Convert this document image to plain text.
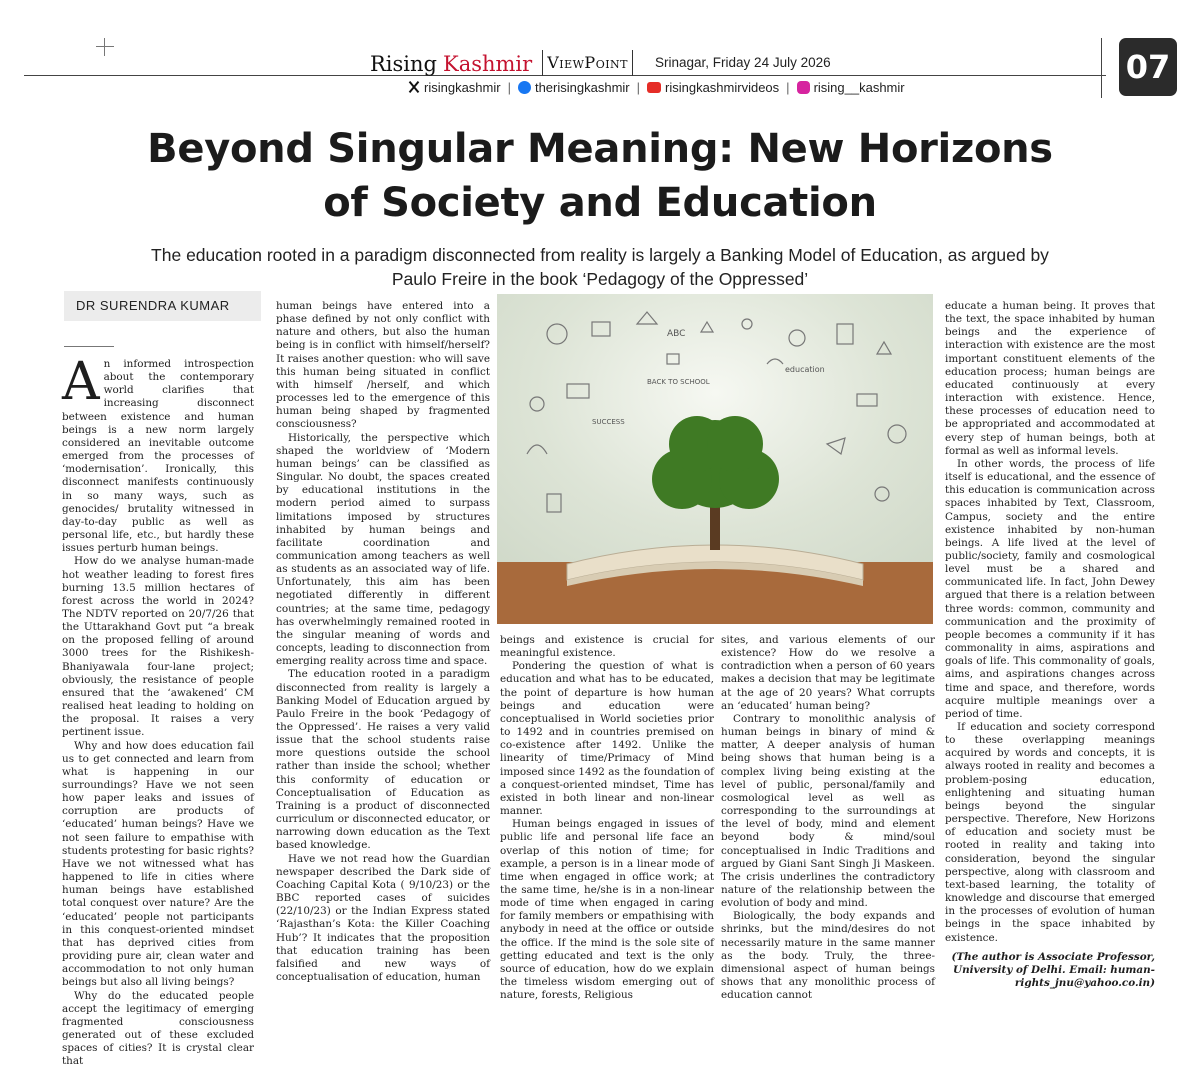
Rising Kashmir ViewPoint	Srinagar, Friday 24 July 2026
risingkashmir | therisingkashmir | risingkashmirvideos | rising__kashmir
07
Beyond Singular Meaning: New Horizons
of Society and Education

The education rooted in a paradigm disconnected from reality is largely a Banking Model of Education, as argued by Paulo Freire in the book ‘Pedagogy of the Oppressed’

DR SURENDRA KUMAR

An informed introspection about the contemporary world clarifies that increasing disconnect between existence and human beings is a new norm largely considered an inevitable outcome emerged from the processes of ‘modernisation’. Ironically, this disconnect manifests continuously in so many ways, such as genocides/ brutality witnessed in day-to-day public as well as personal life, etc., but hardly these issues perturb human beings.

How do we analyse human-made hot weather leading to forest fires burning 13.5 million hectares of forest across the world in 2024? The NDTV reported on 20/7/26 that the Uttarakhand Govt put “a break on the proposed felling of around 3000 trees for the Rishikesh- Bhaniyawala four-lane project; obviously, the resistance of people ensured that the ‘awakened’ CM realised heat leading to holding on the proposal. It raises a very pertinent issue.

Why and how does education fail us to get connected and learn from what is happening in our surroundings? Have we not seen how paper leaks and issues of corruption are products of ‘educated’ human beings? Have we not seen failure to empathise with students protesting for basic rights? Have we not witnessed what has happened to life in cities where human beings have established total conquest over nature? Are the ‘educated’ people not participants in this conquest-oriented mindset that has deprived cities from providing pure air, clean water and accommodation to not only human beings but also all living beings?

Why do the educated people accept the legitimacy of emerging fragmented consciousness generated out of these excluded spaces of cities? It is crystal clear that

human beings have entered into a phase defined by not only conflict with nature and others, but also the human being is in conflict with himself/herself? It raises another question: who will save this human being situated in conflict with himself /herself, and which processes led to the emergence of this human being shaped by fragmented consciousness?

Historically, the perspective which shaped the worldview of ‘Modern human beings’ can be classified as Singular. No doubt, the spaces created by educational institutions in the modern period aimed to surpass limitations imposed by structures inhabited by human beings and facilitate coordination and communication among teachers as well as students as an associated way of life. Unfortunately, this aim has been negotiated differently in different countries; at the same time, pedagogy has overwhelmingly remained rooted in the singular meaning of words and concepts, leading to disconnection from emerging reality across time and space.

The education rooted in a paradigm disconnected from reality is largely a Banking Model of Education argued by Paulo Freire in the book ‘Pedagogy of the Oppressed’. He raises a very valid issue that the school students raise more questions outside the school rather than inside the school; whether this conformity of education or Conceptualisation of Education as Training is a product of disconnected curriculum or disconnected educator, or narrowing down education as the Text based knowledge.

Have we not read how the Guardian newspaper described the Dark side of Coaching Capital Kota ( 9/10/23) or the BBC reported cases of suicides (22/10/23) or the Indian Express stated ‘Rajasthan’s Kota: the Killer Coaching Hub’? It indicates that the proposition that education training has been falsified and new ways of conceptualisation of education, human

ABC
education
BACK TO SCHOOL
SUCCESS

beings and existence is crucial for meaningful existence.

Pondering the question of what is education and what has to be educated, the point of departure is how human beings and education were conceptualised in World societies prior to 1492 and in countries premised on co-existence after 1492. Unlike the linearity of time/Primacy of Mind imposed since 1492 as the foundation of a conquest-oriented mindset, Time has existed in both linear and non-linear manner.

Human beings engaged in issues of public life and personal life face an overlap of this notion of time; for example, a person is in a linear mode of time when engaged in office work; at the same time, he/she is in a non-linear mode of time when engaged in caring for family members or empathising with anybody in need at the office or outside the office. If the mind is the sole site of getting educated and text is the only source of education, how do we explain the timeless wisdom emerging out of nature, forests, Religious

sites, and various elements of our existence? How do we resolve a contradiction when a person of 60 years makes a decision that may be legitimate at the age of 20 years? What corrupts an ‘educated’ human being?

Contrary to monolithic analysis of human beings in binary of mind & matter, A deeper analysis of human being shows that human being is a complex living being existing at the level of public, personal/family and cosmological level as well as corresponding to the surroundings at the level of body, mind and element beyond body & mind/soul conceptualised in Indic Traditions and argued by Giani Sant Singh Ji Maskeen. The crisis underlines the contradictory nature of the relationship between the evolution of body and mind.

Biologically, the body expands and shrinks, but the mind/desires do not necessarily mature in the same manner as the body. Truly, the three-dimensional aspect of human beings shows that any monolithic process of education cannot

educate a human being. It proves that the text, the space inhabited by human beings and the experience of interaction with existence are the most important constituent elements of the education process; human beings are educated continuously at every interaction with existence. Hence, these processes of education need to be appropriated and accommodated at every step of human beings, both at formal as well as informal levels.

In other words, the process of life itself is educational, and the essence of this education is communication across spaces inhabited by Text, Classroom, Campus, society and the entire existence inhabited by non-human beings. A life lived at the level of public/society, family and cosmological level must be a shared and communicated life. In fact, John Dewey argued that there is a relation between three words: common, community and communication and the proximity of people becomes a community if it has commonality in aims, aspirations and goals of life. This commonality of goals, aims, and aspirations changes across time and space, and therefore, words acquire multiple meanings over a period of time.

If education and society correspond to these overlapping meanings acquired by words and concepts, it is always rooted in reality and becomes a problem-posing education, enlightening and situating human beings beyond the singular perspective. Therefore, New Horizons of education and society must be rooted in reality and taking into consideration, beyond the singular perspective, along with classroom and text-based learning, the totality of knowledge and discourse that emerged in the processes of evolution of human beings in the space inhabited by existence.

(The author is Associate Professor, University of Delhi. Email: human-rights_jnu@yahoo.co.in)
